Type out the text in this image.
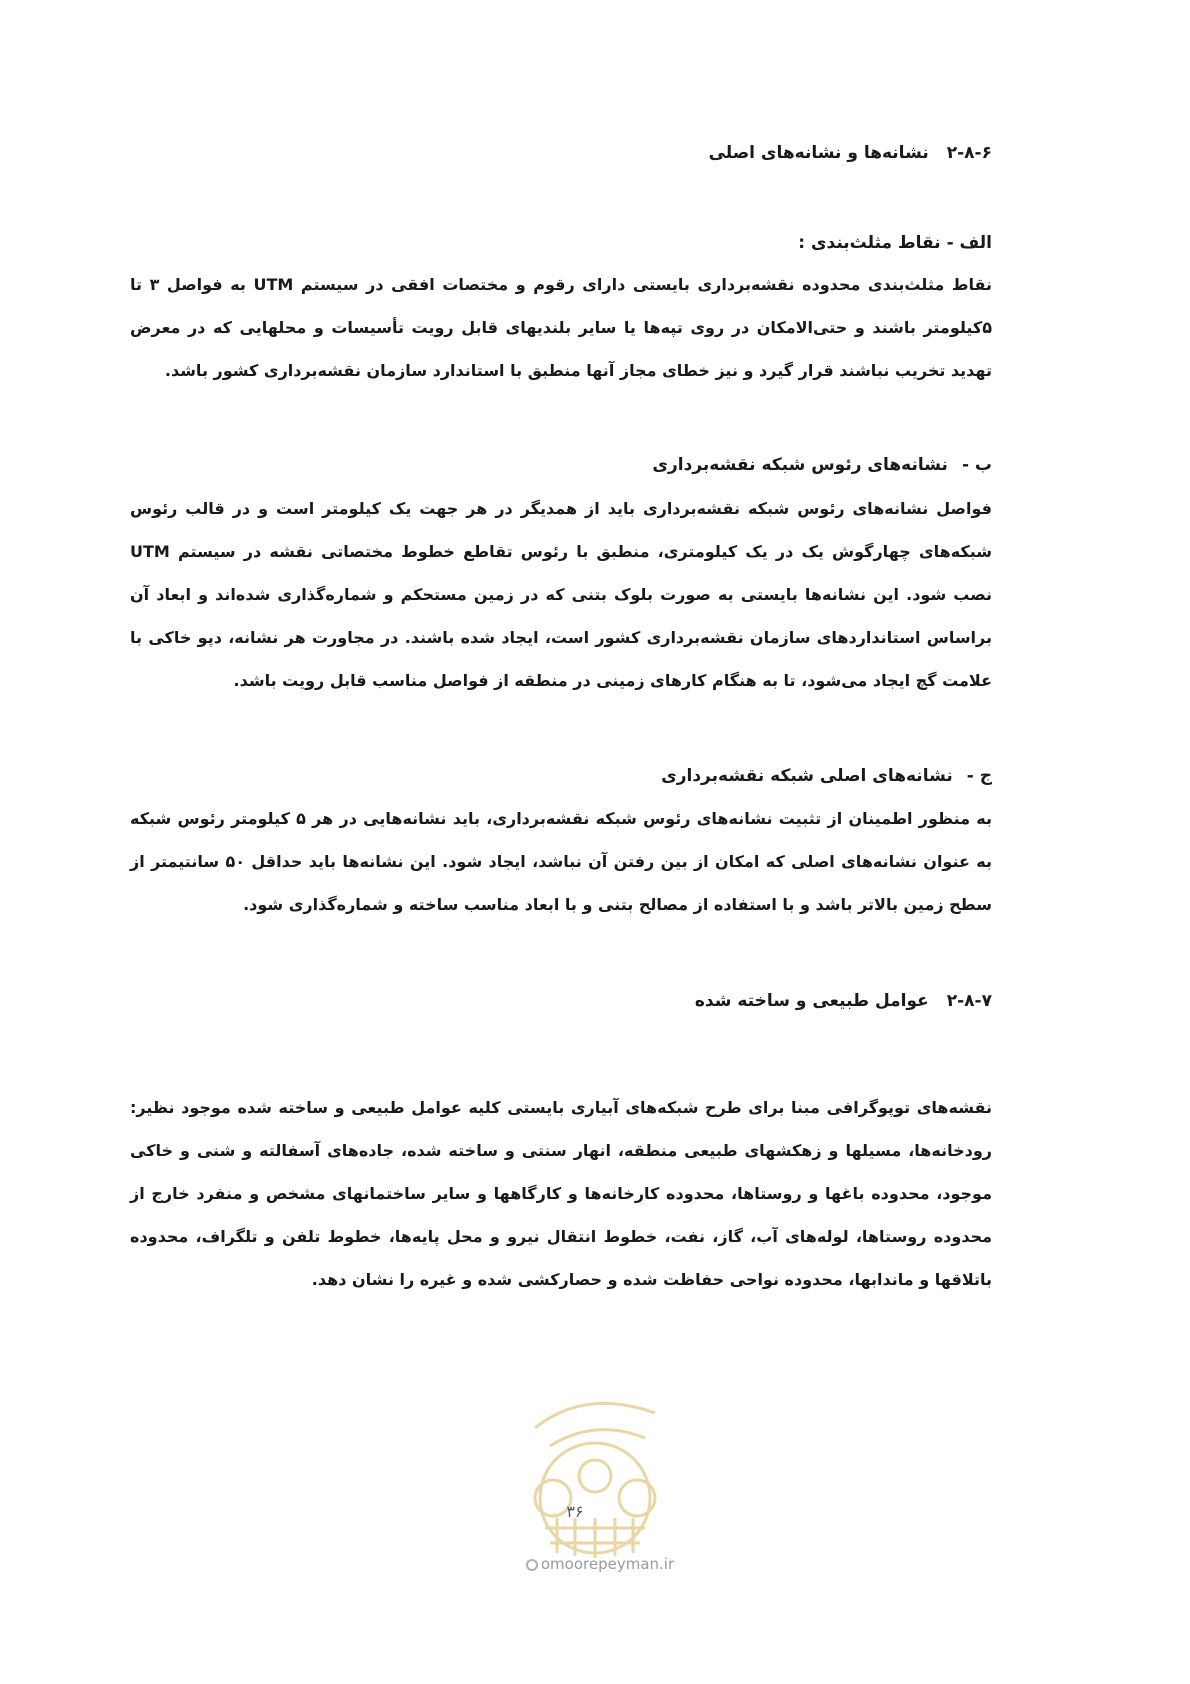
۲-۸-۶نشانه‌ها و نشانه‌های اصلی
الف - نقاط مثلث‌بندی :

نقاط مثلث‌بندی محدوده نقشه‌برداری بایستی دارای رقوم و مختصات افقی در سیستم UTM به فواصل ۳ تا ۵کیلومتر باشند و حتی‌الامکان در روی تپه‌ها یا سایر بلندیهای قابل رویت تأسیسات و محلهایی که در معرض تهدید تخریب نباشند قرار گیرد و نیز خطای مجاز آنها منطبق با استاندارد سازمان نقشه‌برداری کشور باشد.

ب -نشانه‌های رئوس شبکه نقشه‌برداری

فواصل نشانه‌های رئوس شبکه نقشه‌برداری باید از همدیگر در هر جهت یک کیلومتر است و در قالب رئوس شبکه‌های چهارگوش یک در یک کیلومتری، منطبق با رئوس تقاطع خطوط مختصاتی نقشه در سیستم UTM نصب شود. این نشانه‌ها بایستی به صورت بلوک بتنی که در زمین مستحکم و شماره‌گذاری شده‌اند و ابعاد آن براساس استانداردهای سازمان نقشه‌برداری کشور است، ایجاد شده باشند. در مجاورت هر نشانه، دپو خاکی با علامت گچ ایجاد می‌شود، تا به هنگام کارهای زمینی در منطقه از فواصل مناسب قابل رویت باشد.

ج -نشانه‌های اصلی شبکه نقشه‌برداری

به منظور اطمینان از تثبیت نشانه‌های رئوس شبکه نقشه‌برداری، باید نشانه‌هایی در هر ۵ کیلومتر رئوس شبکه به عنوان نشانه‌های اصلی که امکان از بین رفتن آن نباشد، ایجاد شود. این نشانه‌ها باید حداقل ۵۰ سانتیمتر از سطح زمین بالاتر باشد و با استفاده از مصالح بتنی و با ابعاد مناسب ساخته و شماره‌گذاری شود.

۲-۸-۷عوامل طبیعی و ساخته شده

نقشه‌های توپوگرافی مبنا برای طرح شبکه‌های آبیاری بایستی کلیه عوامل طبیعی و ساخته شده موجود نظیر: رودخانه‌ها، مسیلها و زهکشهای طبیعی منطقه، انهار سنتی و ساخته شده، جاده‌های آسفالته و شنی و خاکی موجود، محدوده باغها و روستاها، محدوده کارخانه‌ها و کارگاهها و سایر ساختمانهای مشخص و منفرد خارج از محدوده روستاها، لوله‌های آب، گاز، نفت، خطوط انتقال نیرو و محل پایه‌ها، خطوط تلفن و تلگراف، محدوده باتلاقها و ماندابها، محدوده نواحی حفاظت شده و حصارکشی شده و غیره را نشان دهد.

۳۶
omoorepeyman.ir
